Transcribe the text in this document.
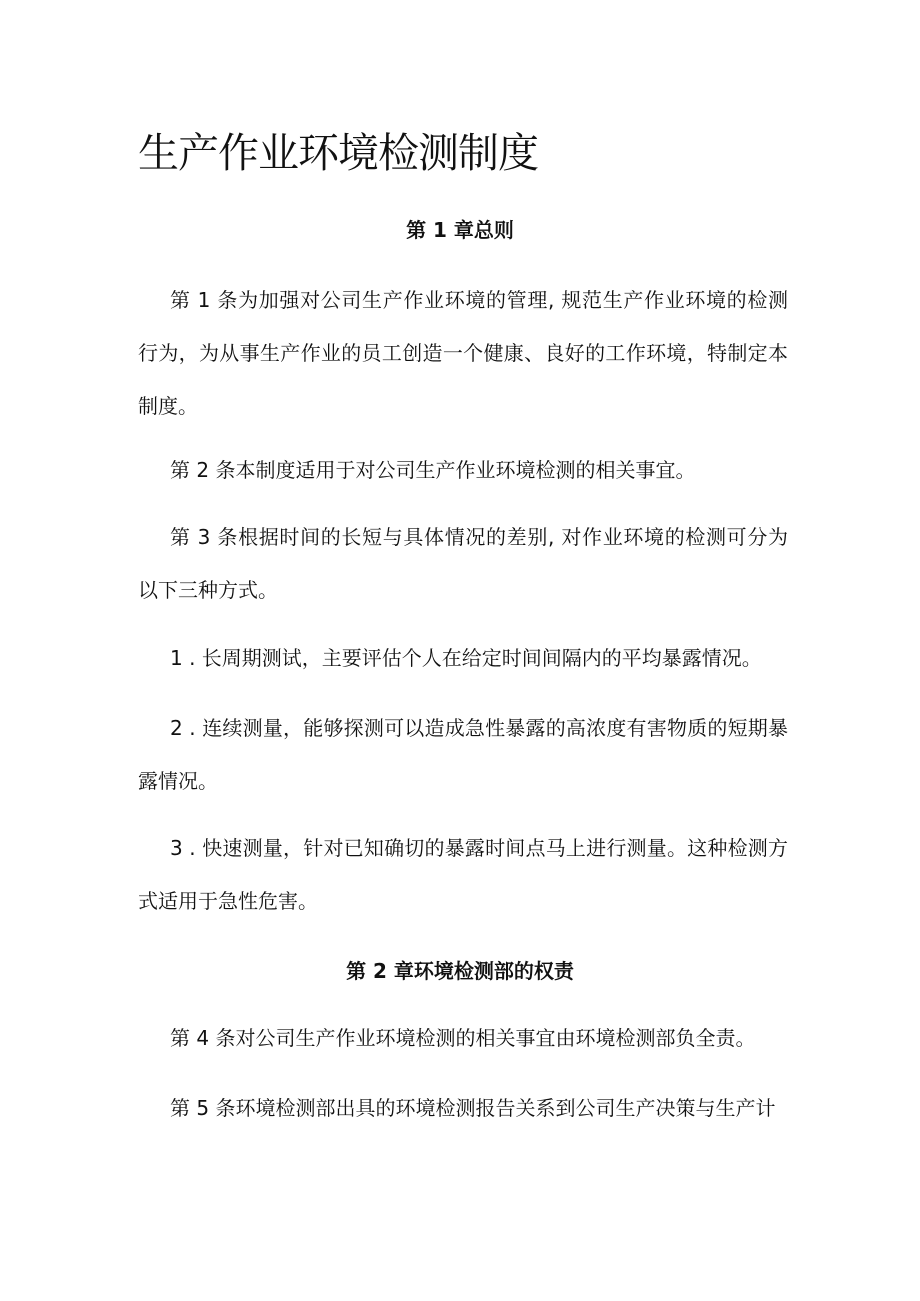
生产作业环境检测制度
第 1 章总则

第 1 条为加强对公司生产作业环境的管理, 规范生产作业环境的检测行为，为从事生产作业的员工创造一个健康、良好的工作环境，特制定本制度。

第 2 条本制度适用于对公司生产作业环境检测的相关事宜。

第 3 条根据时间的长短与具体情况的差别, 对作业环境的检测可分为以下三种方式。

1 . 长周期测试，主要评估个人在给定时间间隔内的平均暴露情况。

2 . 连续测量，能够探测可以造成急性暴露的高浓度有害物质的短期暴露情况。

3 . 快速测量，针对已知确切的暴露时间点马上进行测量。这种检测方式适用于急性危害。

第 2 章环境检测部的权责

第 4 条对公司生产作业环境检测的相关事宜由环境检测部负全责。

第 5 条环境检测部出具的环境检测报告关系到公司生产决策与生产计
